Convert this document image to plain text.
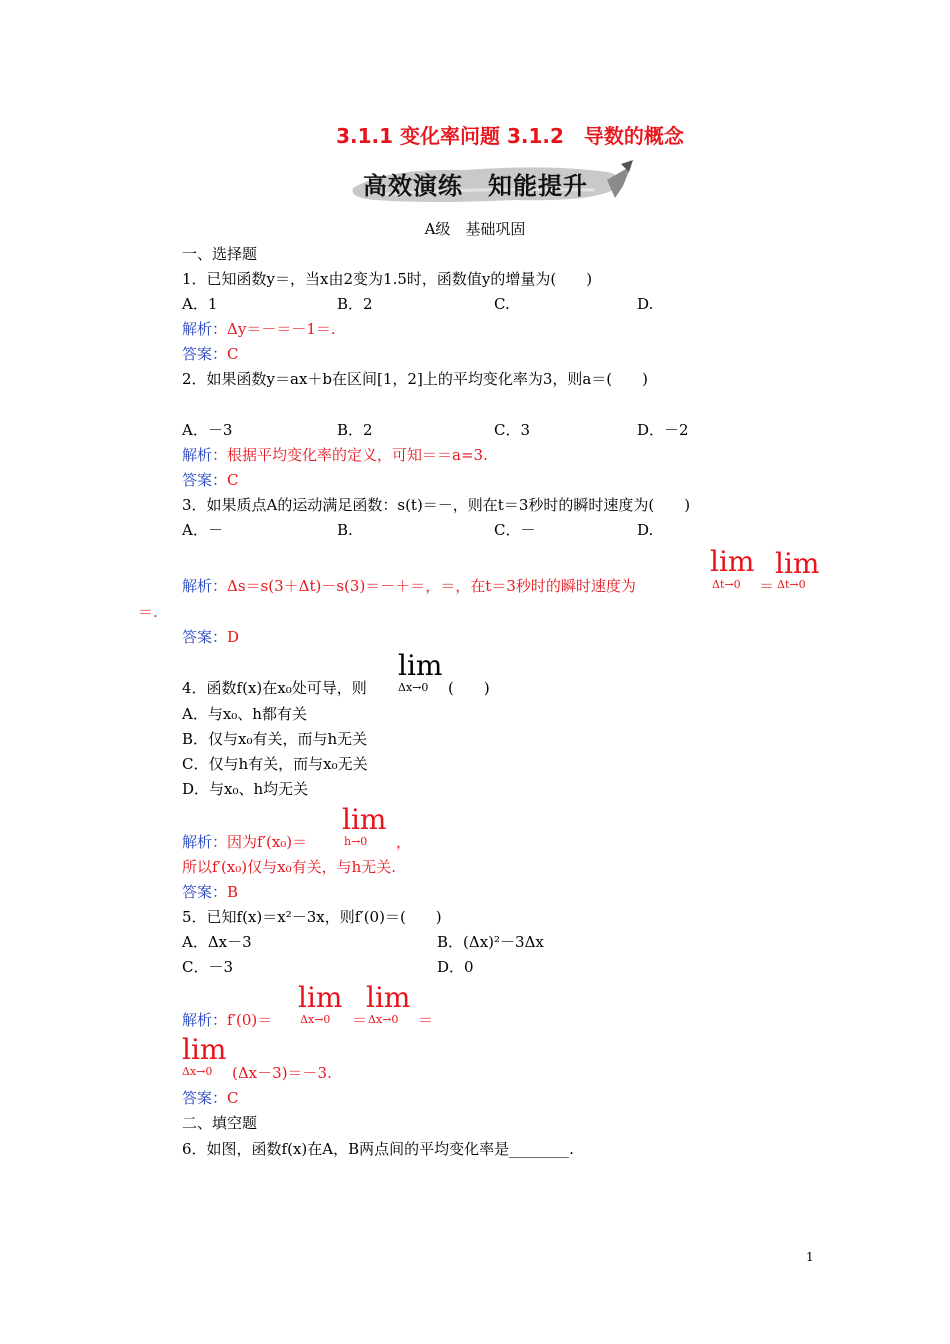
3.1.1 变化率问题 3.1.2　导数的概念
高效演练　知能提升
A级　基础巩固
一、选择题
1．已知函数y＝，当x由2变为1.5时，函数值y的增量为(　　)
A．1	B．2	C.	D.
解析：Δy＝－＝－1＝.
答案：C
2．如果函数y＝ax＋b在区间[1，2]上的平均变化率为3，则a＝(　　)
A．－3	B．2	C．3	D．－2
解析：根据平均变化率的定义，可知＝＝a=3.
答案：C
3．如果质点A的运动满足函数：s(t)＝－，则在t＝3秒时的瞬时速度为(　　)
A．－	B.	C．－	D.
lim
Δt→0
lim
Δt→0
解析：Δs＝s(3＋Δt)－s(3)＝－＋＝，＝，在t＝3秒时的瞬时速度为	＝
＝.
答案：D
lim
Δx→0
4．函数f(x)在x₀处可导，则	(　　)
A．与x₀、h都有关
B．仅与x₀有关，而与h无关
C．仅与h有关，而与x₀无关
D．与x₀、h均无关
lim
h→0
解析：因为f′(x₀)＝	，
所以f′(x₀)仅与x₀有关，与h无关.
答案：B
5．已知f(x)＝x²－3x，则f′(0)＝(　　)
A．Δx－3	B．(Δx)²－3Δx
C．－3	D．0
lim
Δx→0
lim
Δx→0
解析：f′(0)＝	＝	＝
lim
Δx→0 (Δx－3)＝－3.
答案：C
二、填空题
6．如图，函数f(x)在A，B两点间的平均变化率是________.
1
